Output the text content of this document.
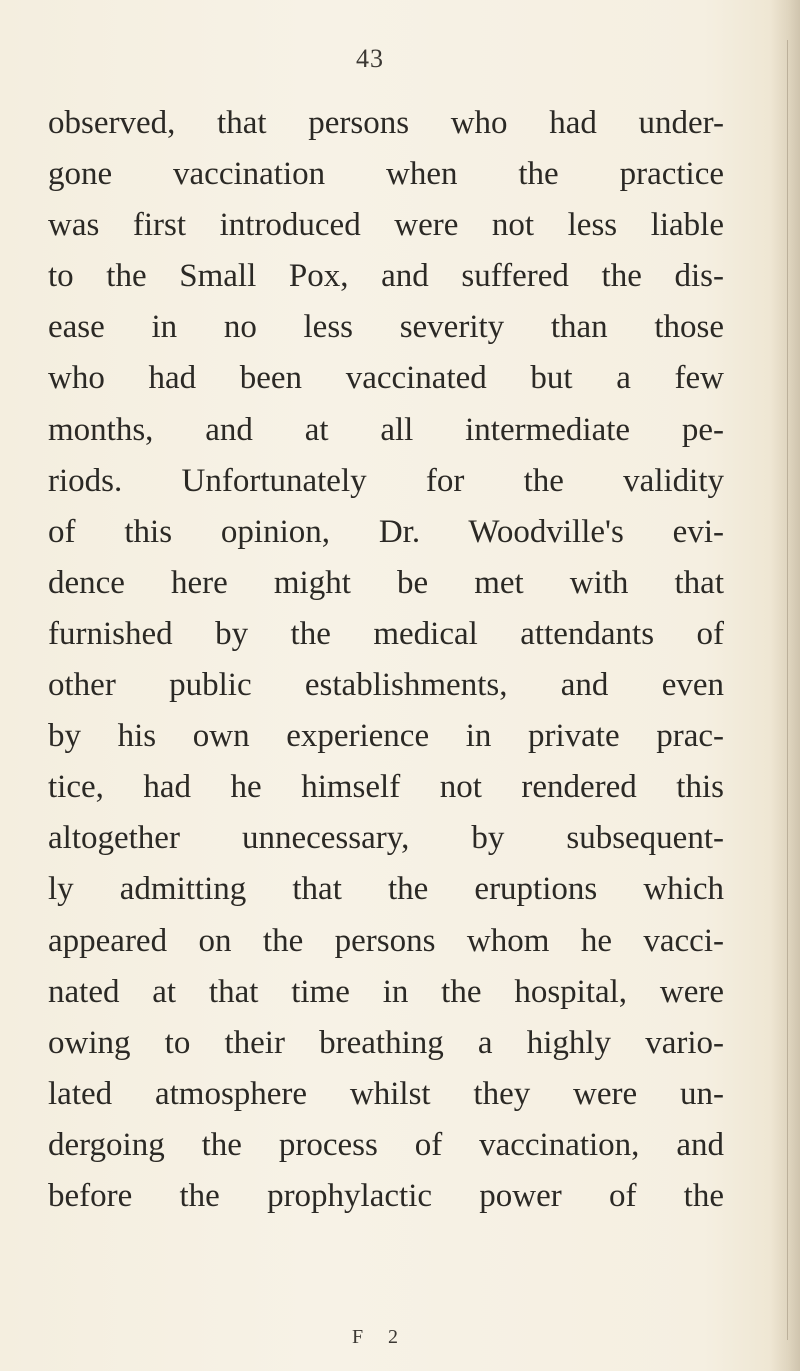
43
observed, that persons who had under-
gone vaccination when the practice
was first introduced were not less liable
to the Small Pox, and suffered the dis-
ease in no less severity than those
who had been vaccinated but a few
months, and at all intermediate pe-
riods. Unfortunately for the validity
of this opinion, Dr. Woodville's evi-
dence here might be met with that
furnished by the medical attendants of
other public establishments, and even
by his own experience in private prac-
tice, had he himself not rendered this
altogether unnecessary, by subsequent-
ly admitting that the eruptions which
appeared on the persons whom he vacci-
nated at that time in the hospital, were
owing to their breathing a highly vario-
lated atmosphere whilst they were un-
dergoing the process of vaccination, and
before the prophylactic power of the
F 2
